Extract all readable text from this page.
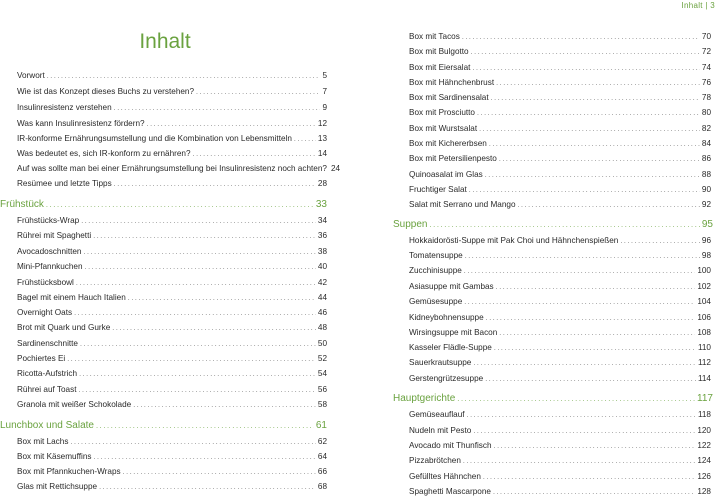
Inhalt | 3
Inhalt
Vorwort .....	5
Wie ist das Konzept dieses Buchs zu verstehen? .....	7
Insulinresistenz verstehen .....	9
Was kann Insulinresistenz fördern? .....	12
IR-konforme Ernährungsumstellung und die Kombination von Lebensmitteln .....	13
Was bedeutet es, sich IR-konform zu ernähren? .....	14
Auf was sollte man bei einer Ernährungsumstellung bei Insulinresistenz noch achten? 24
Resümee und letzte Tipps .....	28
Frühstück .....	33
Frühstücks-Wrap .....	34
Rührei mit Spaghetti .....	36
Avocadoschnitten .....	38
Mini-Pfannkuchen .....	40
Frühstücksbowl .....	42
Bagel mit einem Hauch Italien .....	44
Overnight Oats .....	46
Brot mit Quark und Gurke .....	48
Sardinenschnitte .....	50
Pochiertes Ei .....	52
Ricotta-Aufstrich .....	54
Rührei auf Toast .....	56
Granola mit weißer Schokolade .....	58
Lunchbox und Salate .....	61
Box mit Lachs .....	62
Box mit Käsemuffins .....	64
Box mit Pfannkuchen-Wraps .....	66
Glas mit Rettichsuppe .....	68
Box mit Tacos .....	70
Box mit Bulgotto .....	72
Box mit Eiersalat .....	74
Box mit Hähnchenbrust .....	76
Box mit Sardinensalat .....	78
Box mit Prosciutto .....	80
Box mit Wurstsalat .....	82
Box mit Kichererbsen .....	84
Box mit Petersilienpesto .....	86
Quinoasalat im Glas .....	88
Fruchtiger Salat .....	90
Salat mit Serrano und Mango .....	92
Suppen .....	95
Hokkaidorösti-Suppe mit Pak Choi und Hähnchenspießen .....	96
Tomatensuppe .....	98
Zucchinisuppe .....	100
Asiasuppe mit Gambas .....	102
Gemüsesuppe .....	104
Kidneybohnensuppe .....	106
Wirsingsuppe mit Bacon .....	108
Kasseler Flädle-Suppe .....	110
Sauerkrautsuppe .....	112
Gerstengrützesuppe .....	114
Hauptgerichte .....	117
Gemüseauflauf .....	118
Nudeln mit Pesto .....	120
Avocado mit Thunfisch .....	122
Pizzabrötchen .....	124
Gefülltes Hähnchen .....	126
Spaghetti Mascarpone .....	128
